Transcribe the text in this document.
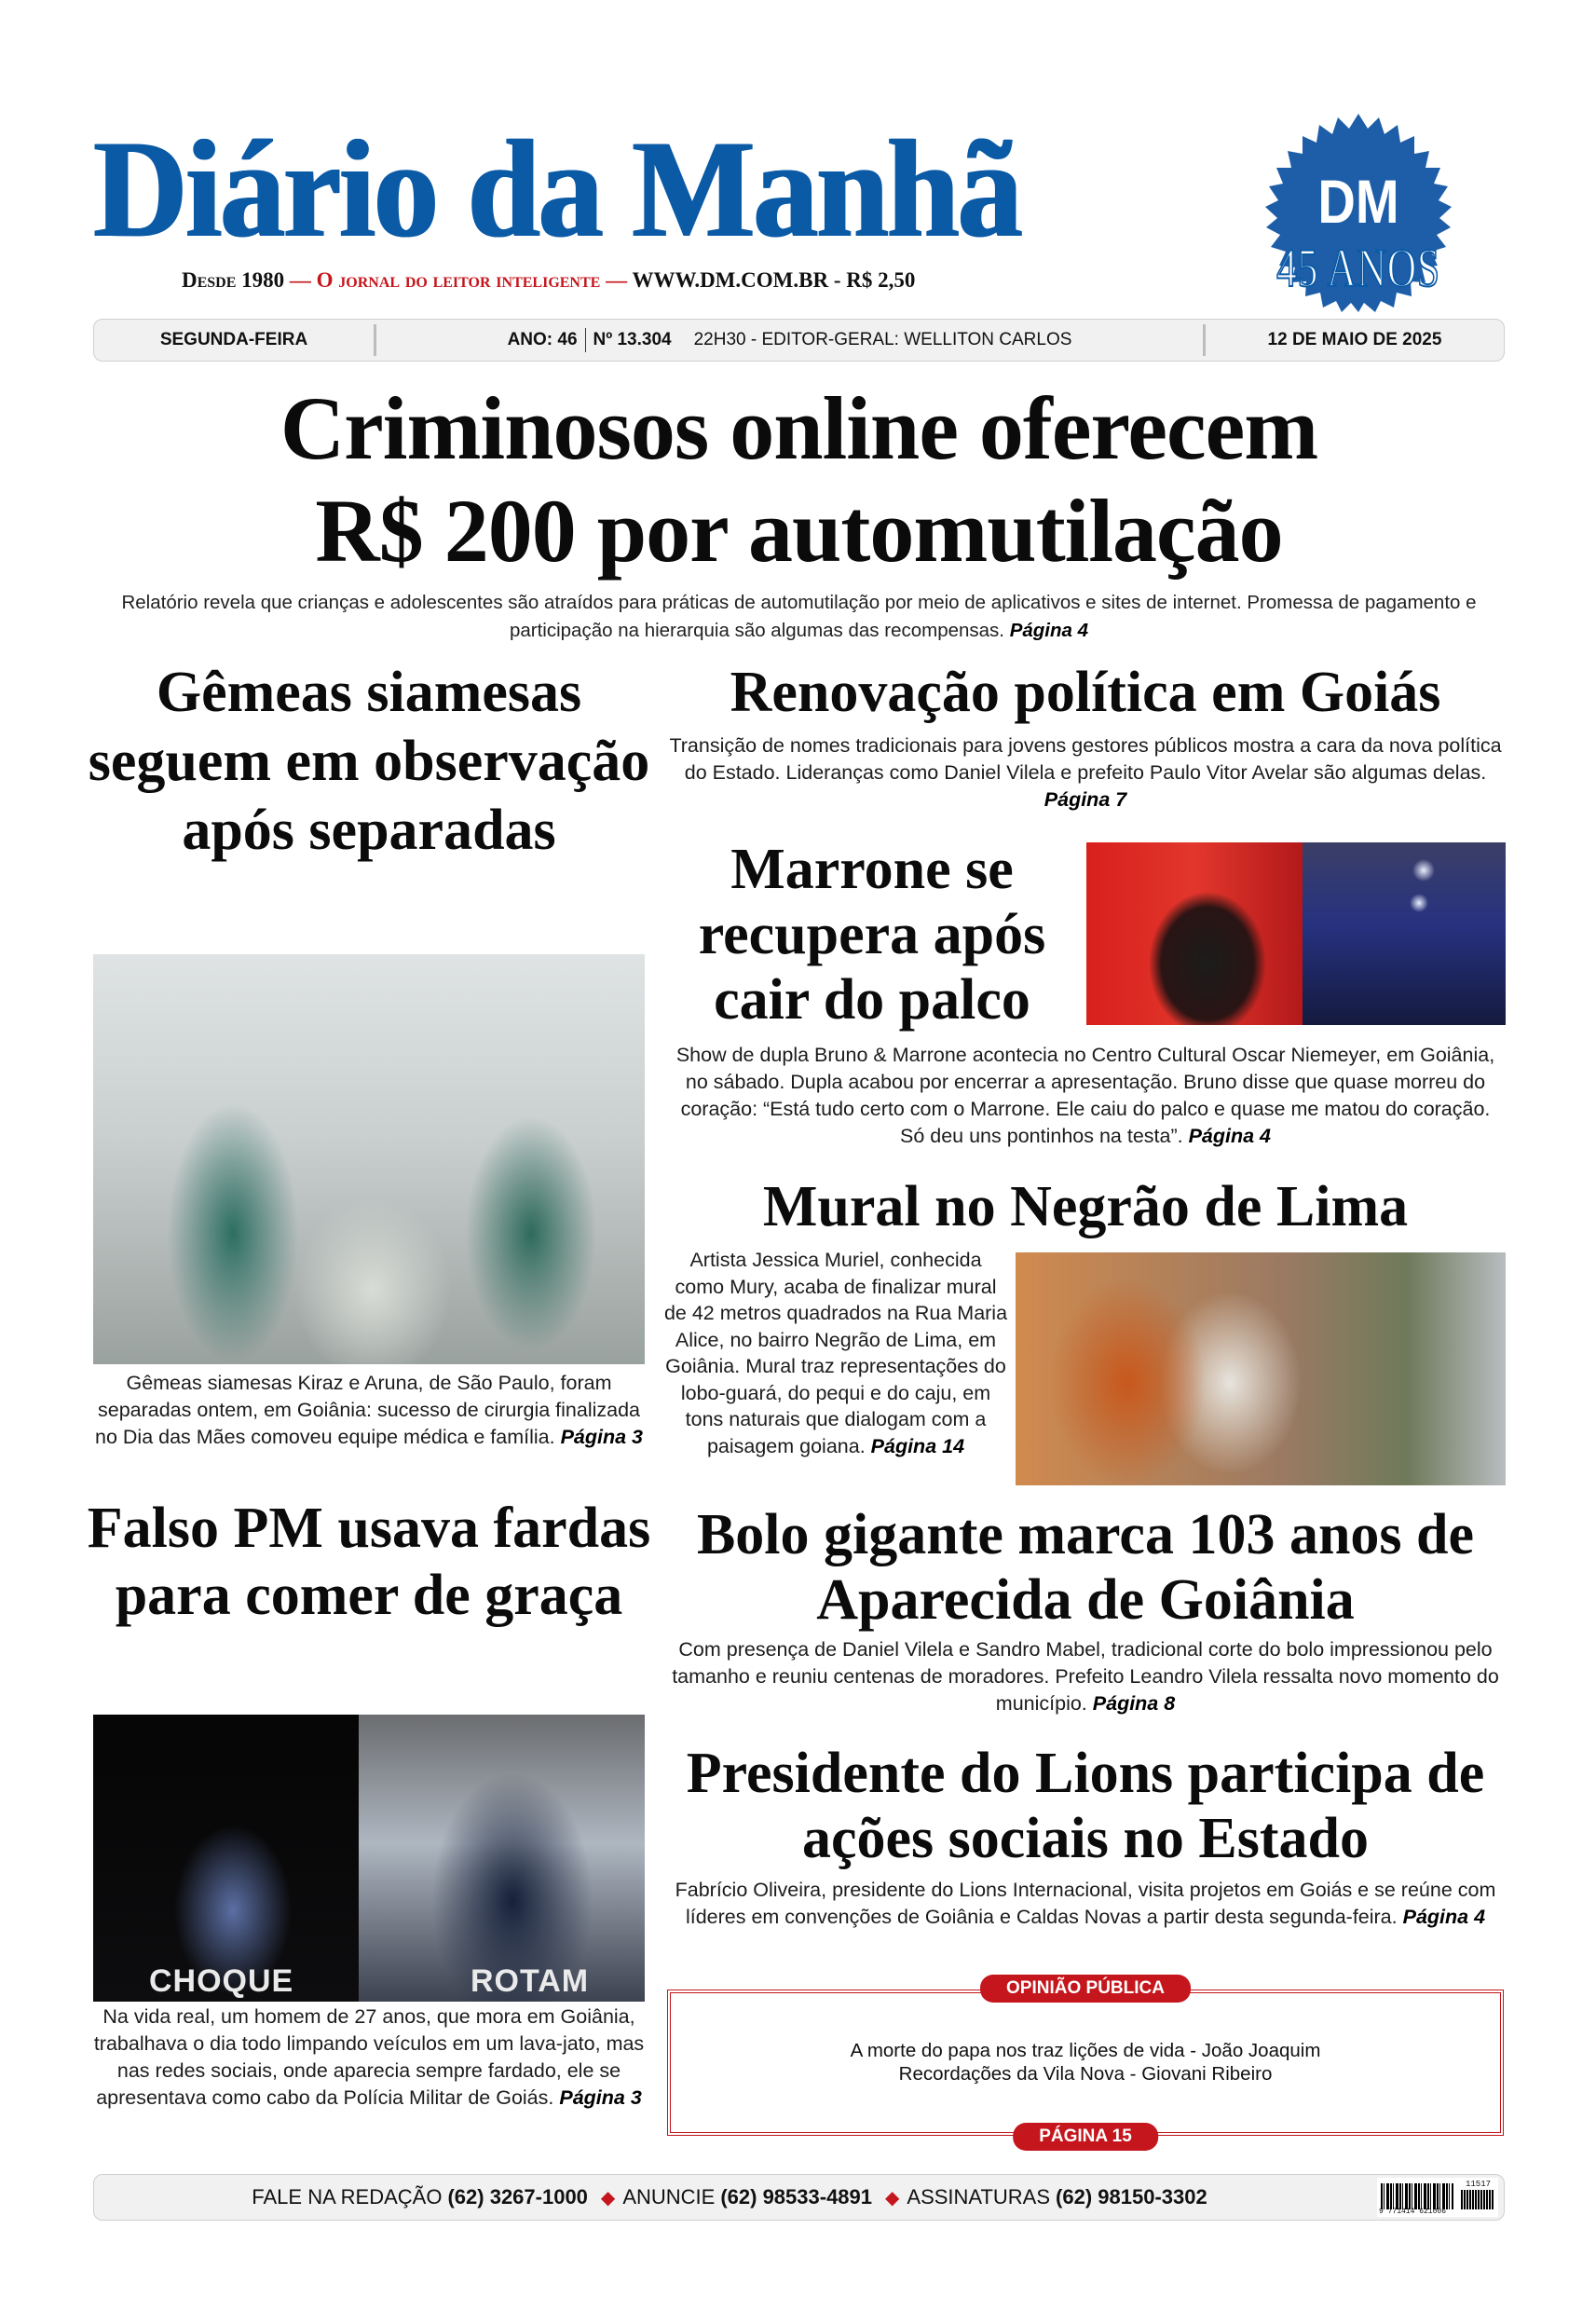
Diário da Manhã
Desde 1980 — O jornal do leitor inteligente — WWW.DM.COM.BR - R$ 2,50
DM
45 ANOS
SEGUNDA-FEIRA	ANO: 46 Nº 13.304 22H30 - EDITOR-GERAL: WELLITON CARLOS	12 DE MAIO DE 2025
Criminosos online oferecem
R$ 200 por automutilação

Relatório revela que crianças e adolescentes são atraídos para práticas de automutilação por meio de aplicativos e sites de internet. Promessa de pagamento e participação na hierarquia são algumas das recompensas. Página 4

Gêmeas siamesas seguem em observação após separadas

Gêmeas siamesas Kiraz e Aruna, de São Paulo, foram separadas ontem, em Goiânia: sucesso de cirurgia finalizada no Dia das Mães comoveu equipe médica e família. Página 3

Falso PM usava fardas para comer de graça
CHOQUE	ROTAM

Na vida real, um homem de 27 anos, que mora em Goiânia, trabalhava o dia todo limpando veículos em um lava-jato, mas nas redes sociais, onde aparecia sempre fardado, ele se apresentava como cabo da Polícia Militar de Goiás. Página 3

Renovação política em Goiás

Transição de nomes tradicionais para jovens gestores públicos mostra a cara da nova política do Estado. Lideranças como Daniel Vilela e prefeito Paulo Vitor Avelar são algumas delas. Página 7

Marrone se recupera após cair do palco

Show de dupla Bruno & Marrone acontecia no Centro Cultural Oscar Niemeyer, em Goiânia, no sábado. Dupla acabou por encerrar a apresentação. Bruno disse que quase morreu do coração: “Está tudo certo com o Marrone. Ele caiu do palco e quase me matou do coração. Só deu uns pontinhos na testa”. Página 4

Mural no Negrão de Lima

Artista Jessica Muriel, conhecida como Mury, acaba de finalizar mural de 42 metros quadrados na Rua Maria Alice, no bairro Negrão de Lima, em Goiânia. Mural traz representações do lobo-guará, do pequi e do caju, em tons naturais que dialogam com a paisagem goiana. Página 14

Bolo gigante marca 103 anos de Aparecida de Goiânia

Com presença de Daniel Vilela e Sandro Mabel, tradicional corte do bolo impressionou pelo tamanho e reuniu centenas de moradores. Prefeito Leandro Vilela ressalta novo momento do município. Página 8

Presidente do Lions participa de ações sociais no Estado

Fabrício Oliveira, presidente do Lions Internacional, visita projetos em Goiás e se reúne com líderes em convenções de Goiânia e Caldas Novas a partir desta segunda-feira. Página 4

OPINIÃO PÚBLICA
A morte do papa nos traz lições de vida - João Joaquim
Recordações da Vila Nova - Giovani Ribeiro
PÁGINA 15
FALE NA REDAÇÃO (62) 3267-1000 ◆ ANUNCIE (62) 98533-4891 ◆ ASSINATURAS (62) 98150-3302
9 771414 621006
11517
